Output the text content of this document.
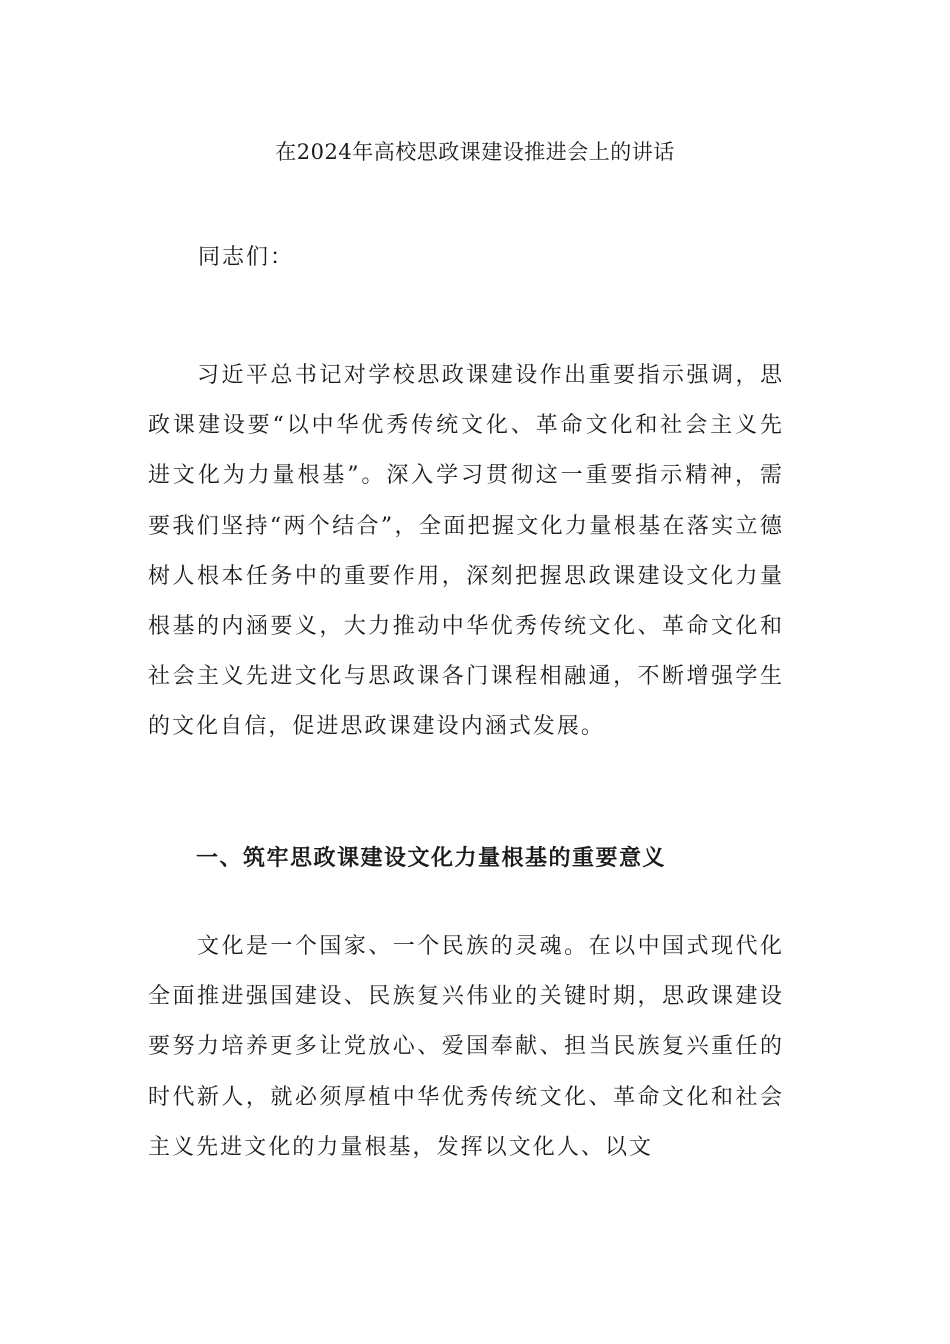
在2024年高校思政课建设推进会上的讲话
同志们：

习近平总书记对学校思政课建设作出重要指示强调，思政课建设要“以中华优秀传统文化、革命文化和社会主义先进文化为力量根基”。深入学习贯彻这一重要指示精神，需要我们坚持“两个结合”，全面把握文化力量根基在落实立德树人根本任务中的重要作用，深刻把握思政课建设文化力量根基的内涵要义，大力推动中华优秀传统文化、革命文化和社会主义先进文化与思政课各门课程相融通，不断增强学生的文化自信，促进思政课建设内涵式发展。

一、筑牢思政课建设文化力量根基的重要意义

文化是一个国家、一个民族的灵魂。在以中国式现代化全面推进强国建设、民族复兴伟业的关键时期，思政课建设要努力培养更多让党放心、爱国奉献、担当民族复兴重任的时代新人，就必须厚植中华优秀传统文化、革命文化和社会主义先进文化的力量根基，发挥以文化人、以文
